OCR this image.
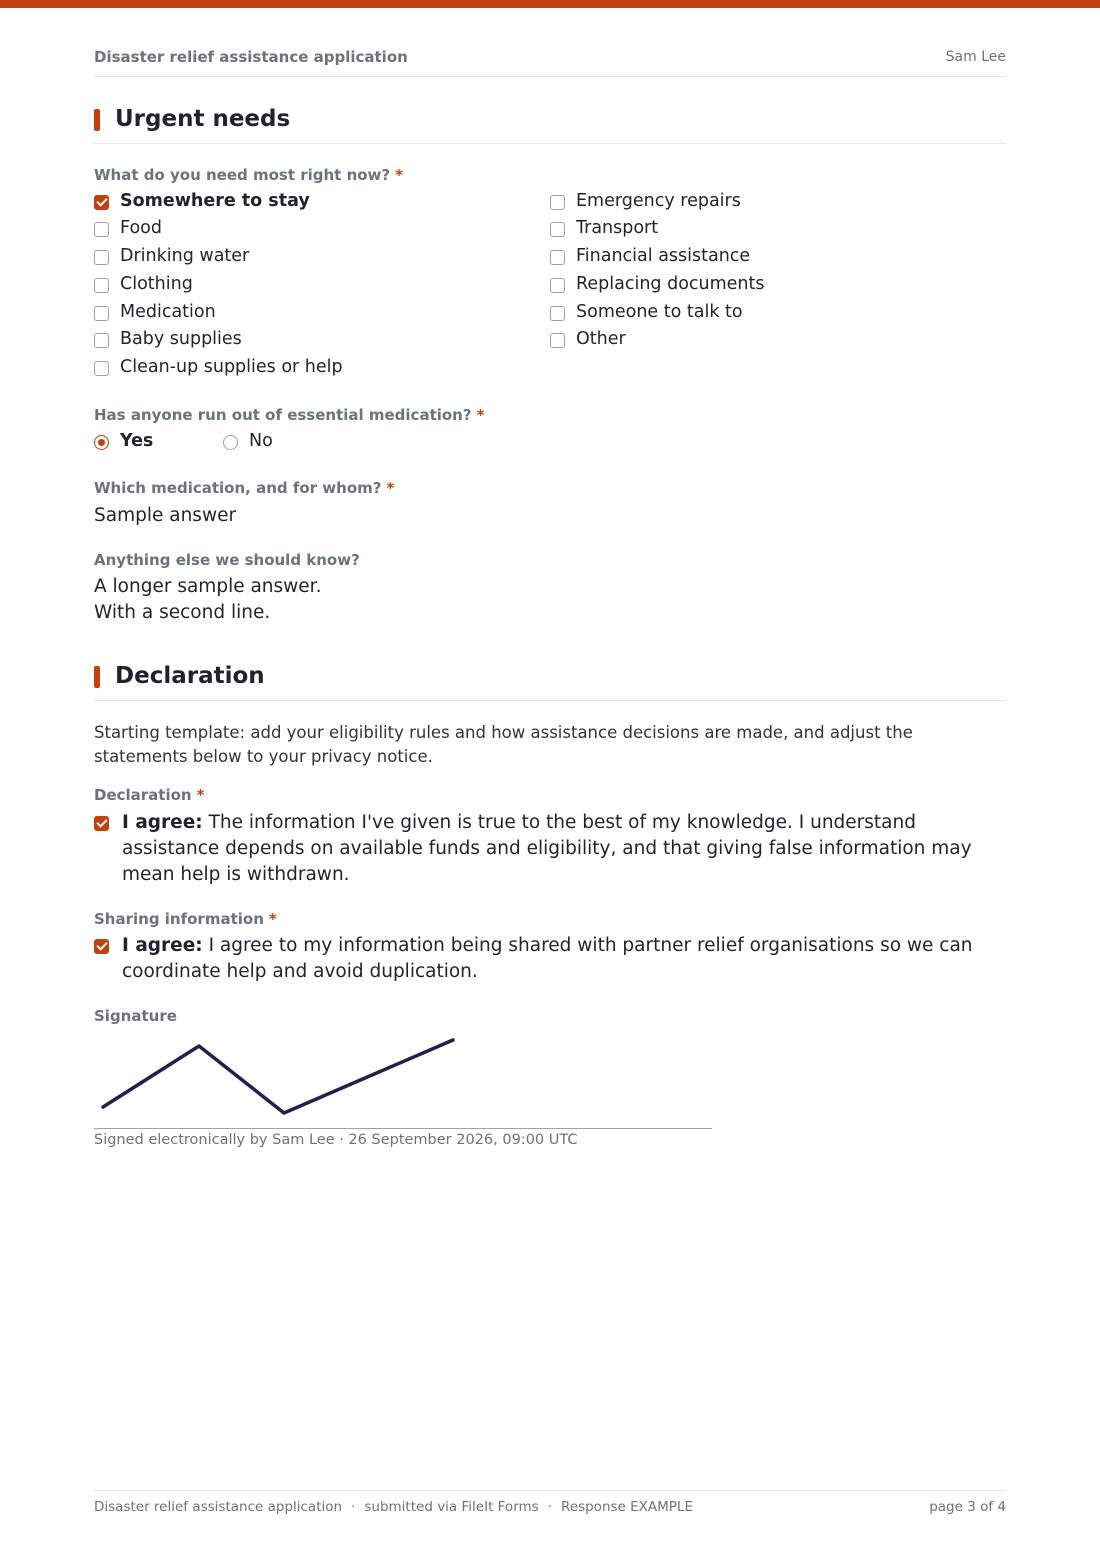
Disaster relief assistance application	Sam Lee
Urgent needs
What do you need most right now? *
Somewhere to stay
Food
Drinking water
Clothing
Medication
Baby supplies
Clean-up supplies or help
Emergency repairs
Transport
Financial assistance
Replacing documents
Someone to talk to
Other
Has anyone run out of essential medication? *
Yes	No
Which medication, and for whom? *
Sample answer
Anything else we should know?
A longer sample answer.
With a second line.
Declaration
Starting template: add your eligibility rules and how assistance decisions are made, and adjust the statements below to your privacy notice.
Declaration *
I agree: The information I've given is true to the best of my knowledge. I understand assistance depends on available funds and eligibility, and that giving false information may mean help is withdrawn.
Sharing information *
I agree: I agree to my information being shared with partner relief organisations so we can coordinate help and avoid duplication.
Signature
Signed electronically by Sam Lee · 26 September 2026, 09:00 UTC
Disaster relief assistance application · submitted via FileIt Forms · Response EXAMPLE	page 3 of 4
